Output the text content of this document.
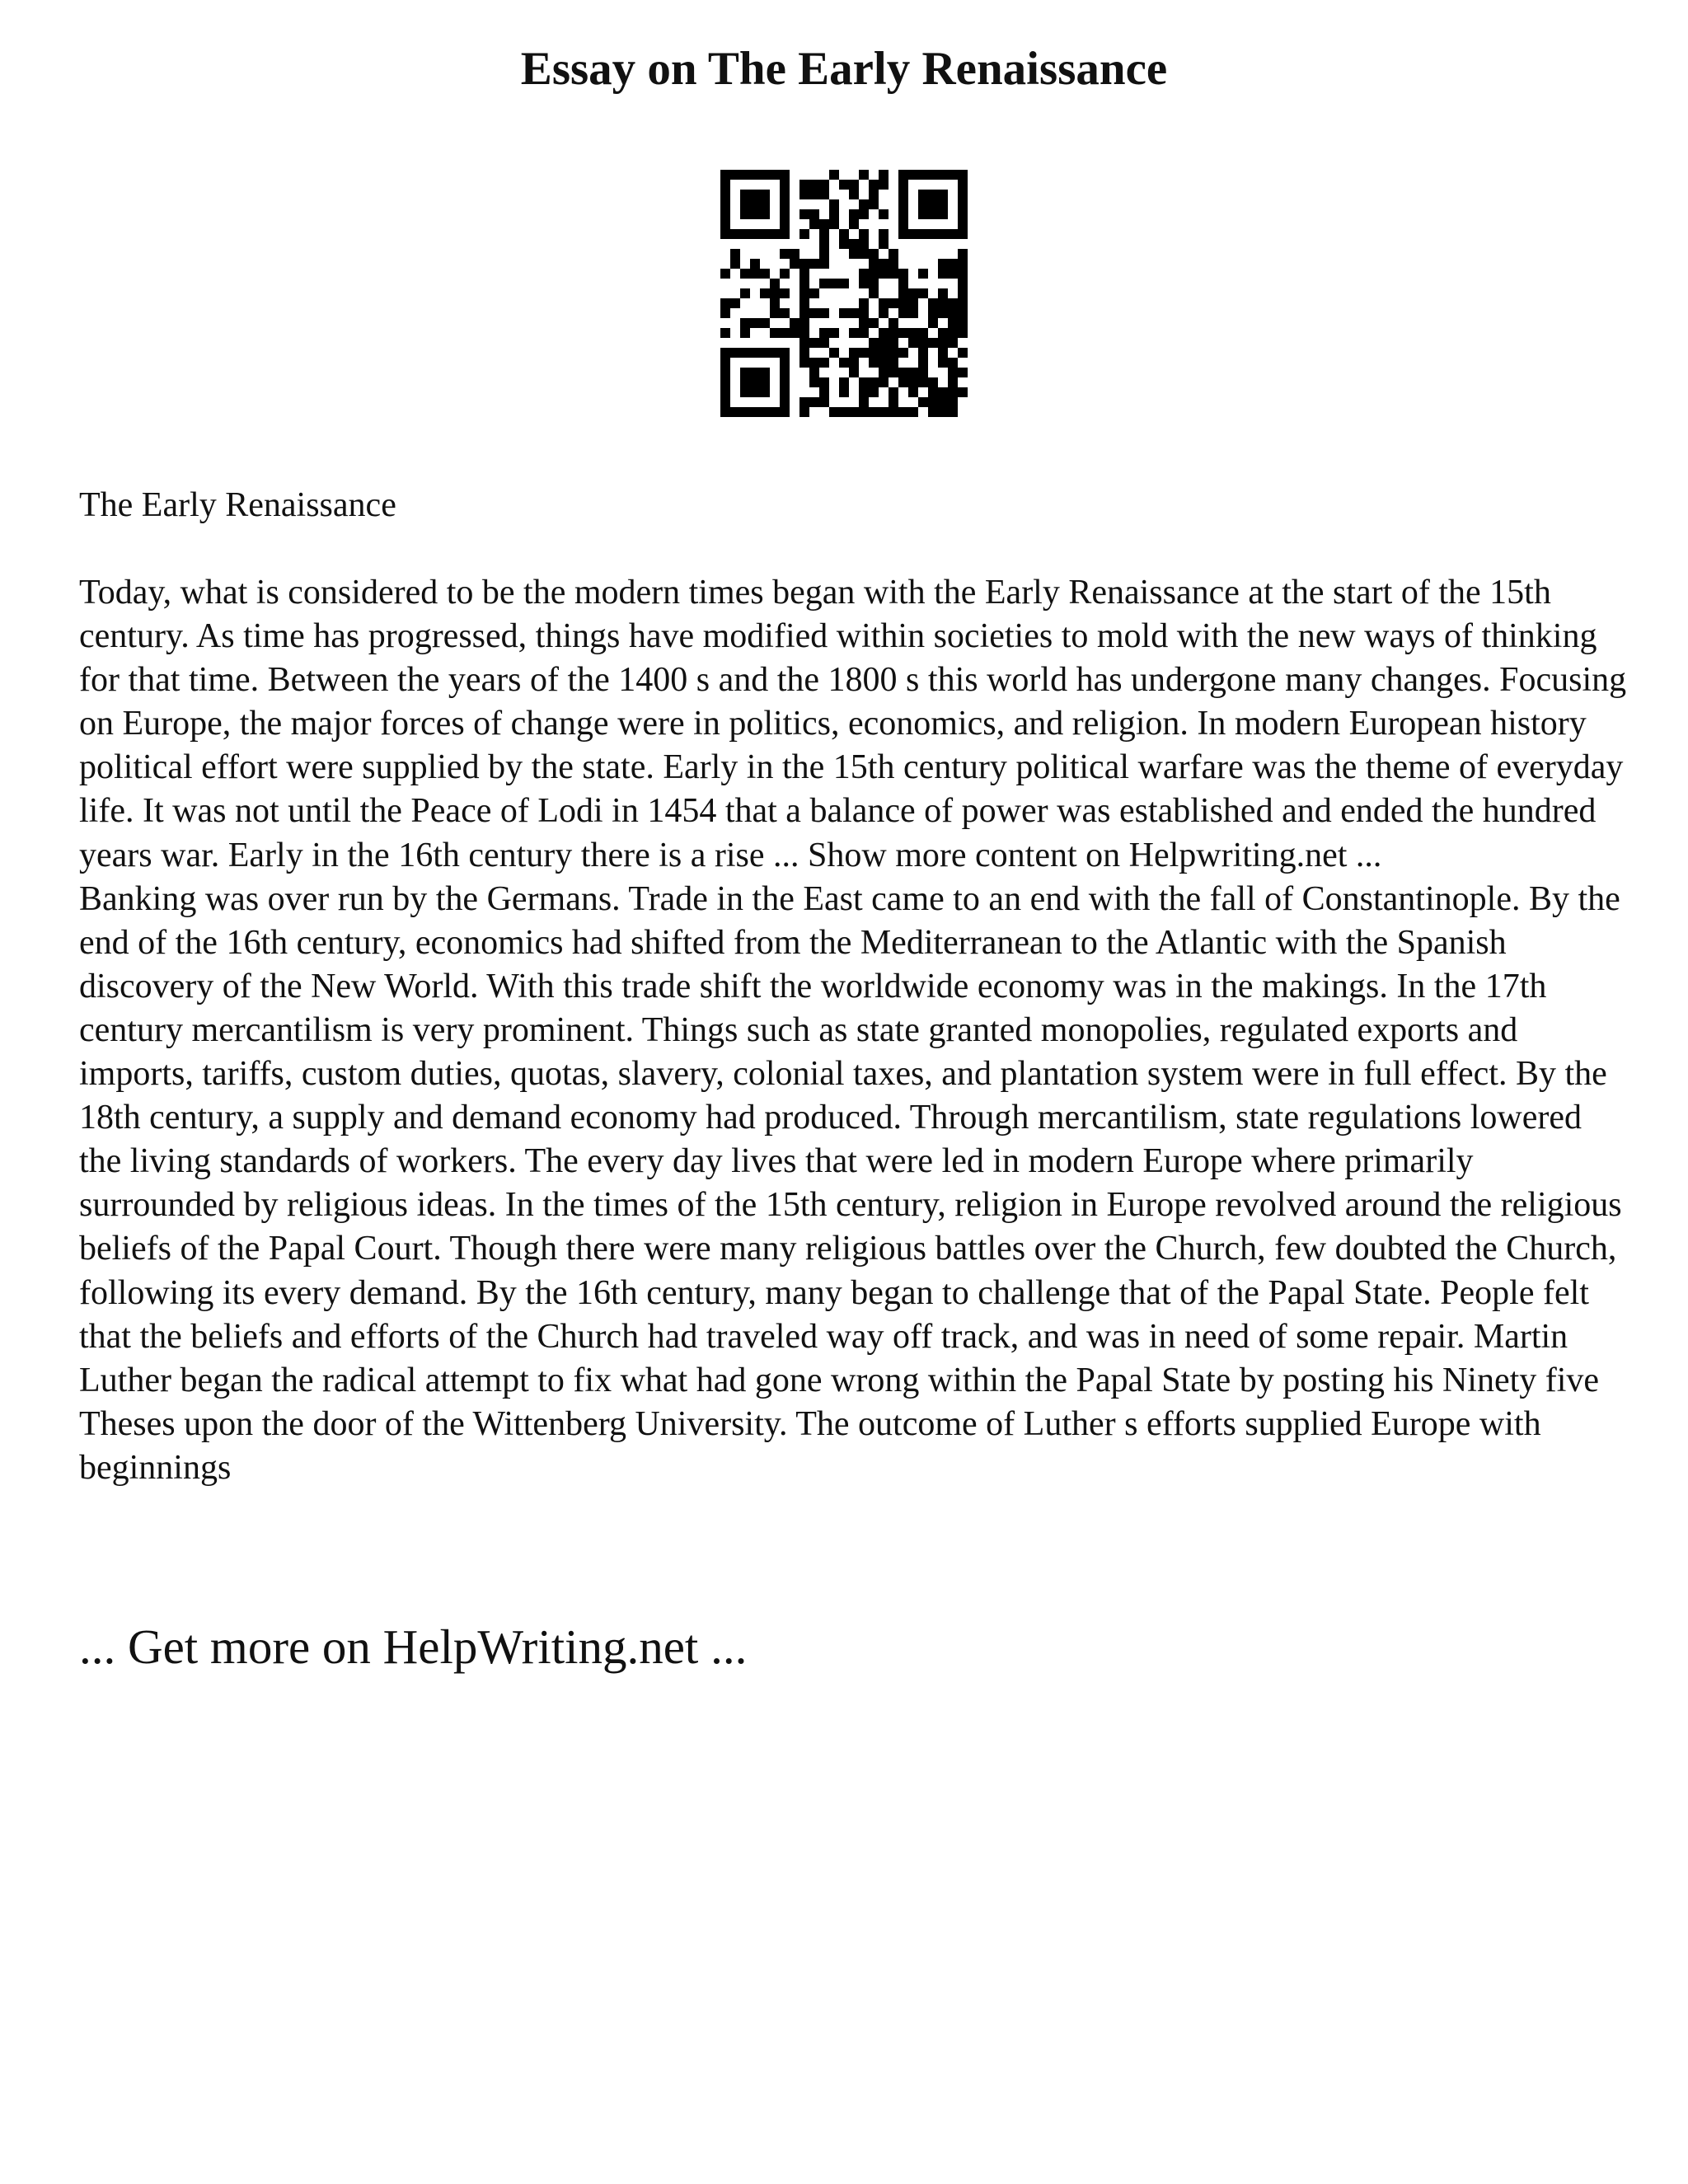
Essay on The Early Renaissance
The Early Renaissance

Today, what is considered to be the modern times began with the Early Renaissance at the start of the 15th century. As time has progressed, things have modified within societies to mold with the new ways of thinking for that time. Between the years of the 1400 s and the 1800 s this world has undergone many changes. Focusing on Europe, the major forces of change were in politics, economics, and religion. In modern European history political effort were supplied by the state. Early in the 15th century political warfare was the theme of everyday life. It was not until the Peace of Lodi in 1454 that a balance of power was established and ended the hundred years war. Early in the 16th century there is a rise ... Show more content on Helpwriting.net ...

Banking was over run by the Germans. Trade in the East came to an end with the fall of Constantinople. By the end of the 16th century, economics had shifted from the Mediterranean to the Atlantic with the Spanish discovery of the New World. With this trade shift the worldwide economy was in the makings. In the 17th century mercantilism is very prominent. Things such as state granted monopolies, regulated exports and imports, tariffs, custom duties, quotas, slavery, colonial taxes, and plantation system were in full effect. By the 18th century, a supply and demand economy had produced. Through mercantilism, state regulations lowered the living standards of workers. The every day lives that were led in modern Europe where primarily surrounded by religious ideas. In the times of the 15th century, religion in Europe revolved around the religious beliefs of the Papal Court. Though there were many religious battles over the Church, few doubted the Church, following its every demand. By the 16th century, many began to challenge that of the Papal State. People felt that the beliefs and efforts of the Church had traveled way off track, and was in need of some repair. Martin Luther began the radical attempt to fix what had gone wrong within the Papal State by posting his Ninety five Theses upon the door of the Wittenberg University. The outcome of Luther s efforts supplied Europe with beginnings

... Get more on HelpWriting.net ...
